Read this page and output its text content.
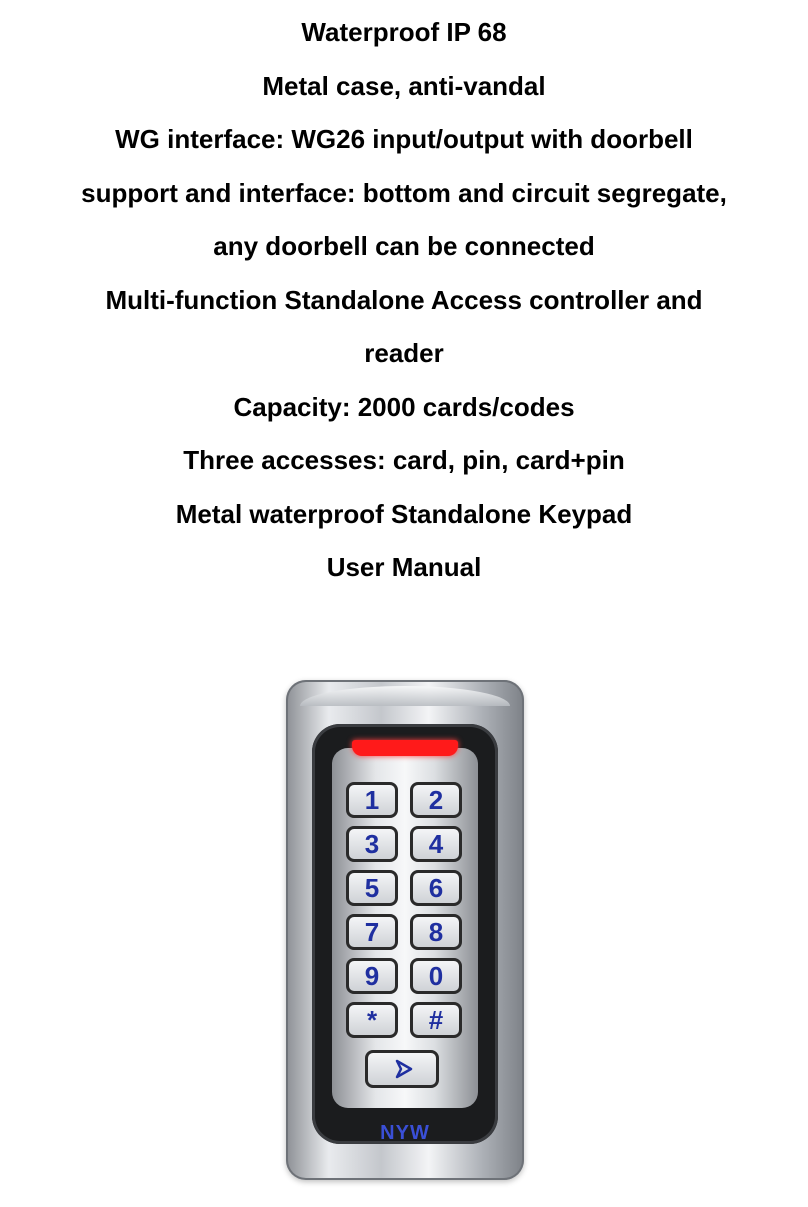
Waterproof IP 68
Metal case, anti-vandal
WG interface: WG26 input/output with doorbell
support and interface: bottom and circuit segregate,
any doorbell can be connected
Multi-function Standalone Access controller and
reader
Capacity: 2000 cards/codes
Three accesses: card, pin, card+pin
Metal waterproof Standalone Keypad
User Manual
1	2
3	4
5	6
7	8
9	0
*	#
NYW
